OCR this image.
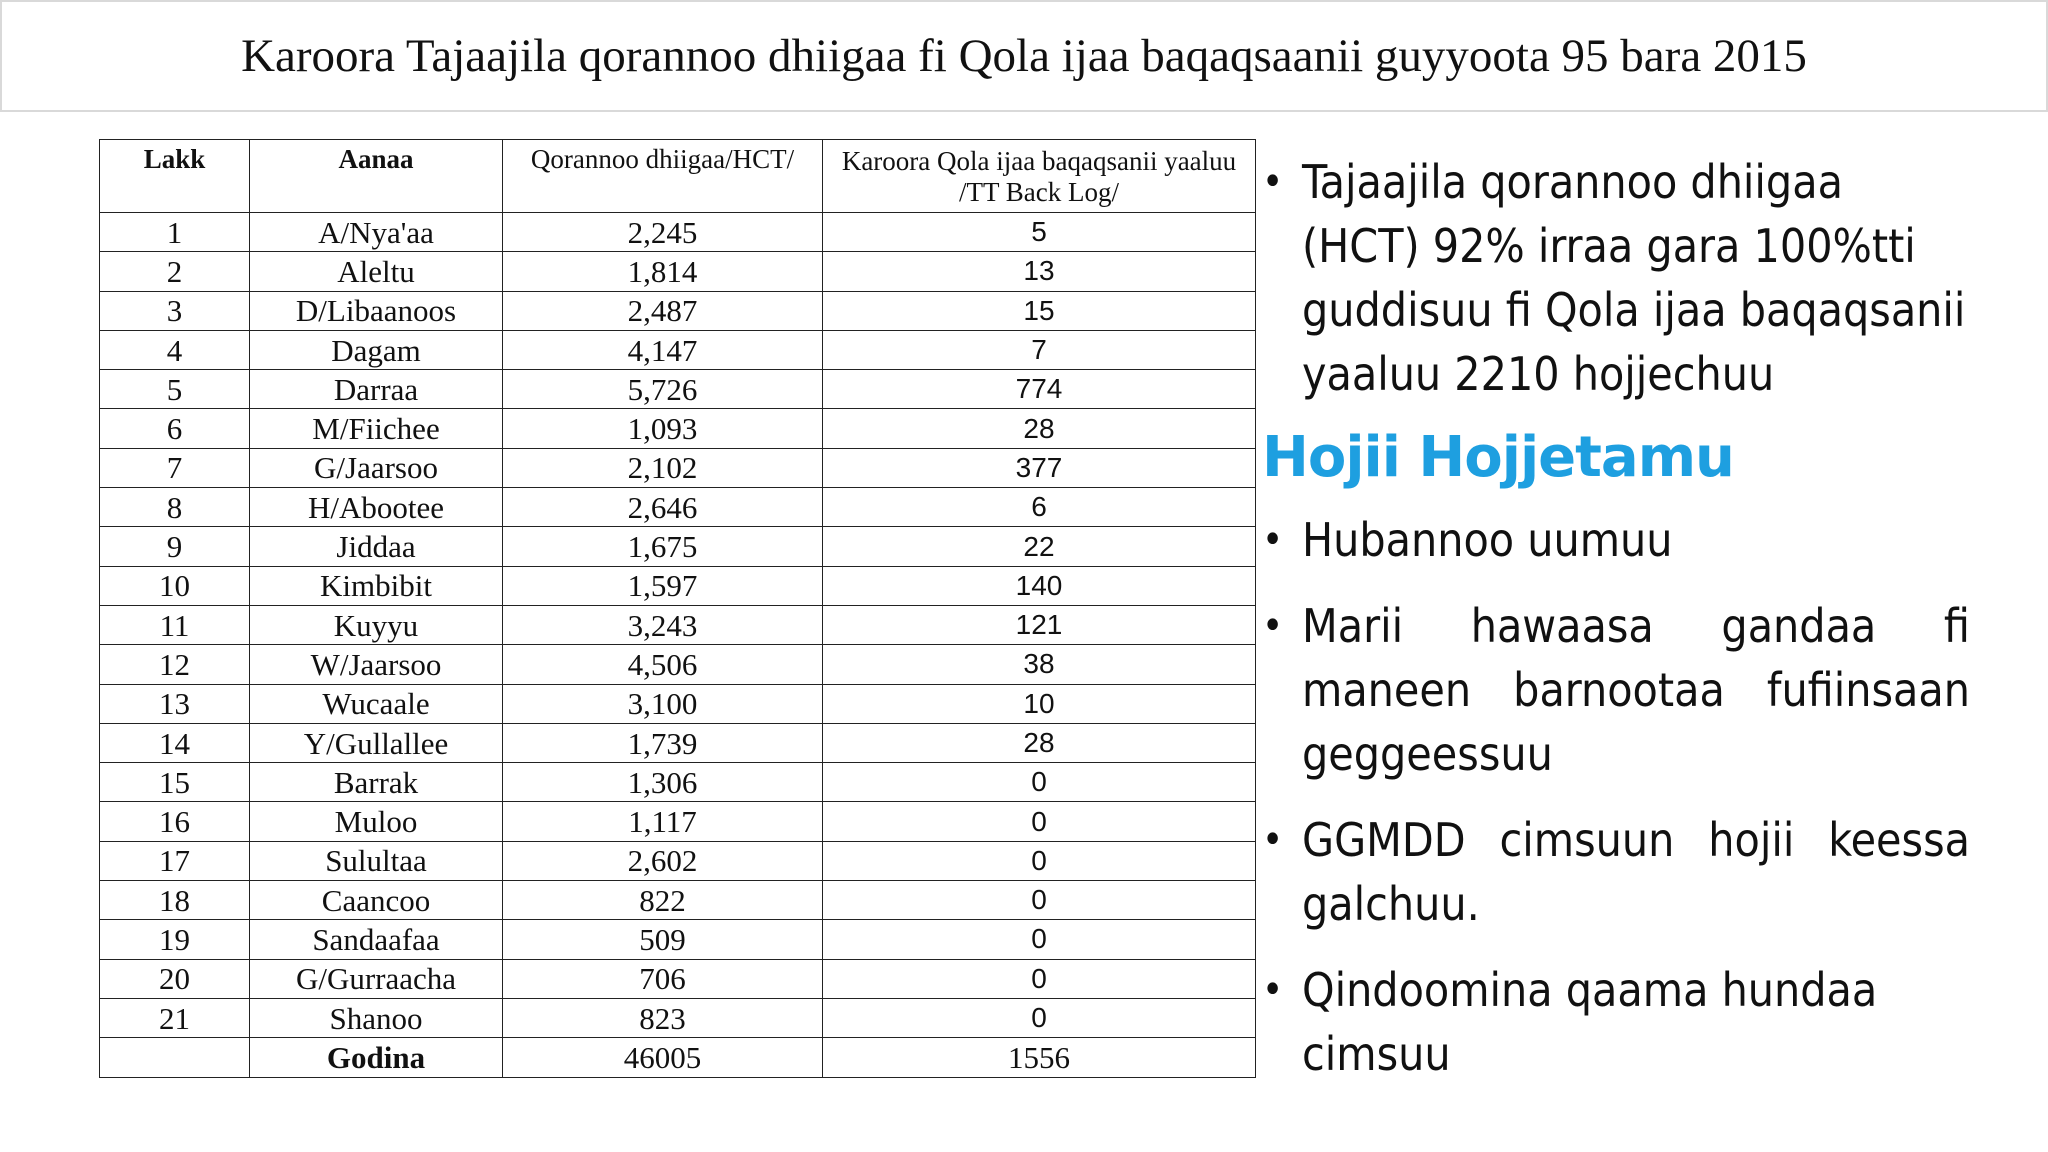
Karoora Tajaajila qorannoo dhiigaa fi Qola ijaa baqaqsaanii guyyoota 95 bara 2015
Lakk	Aanaa	Qorannoo dhiigaa/HCT/	Karoora Qola ijaa baqaqsanii yaaluu /TT Back Log/
1	A/Nya'aa	2,245	5
2	Aleltu	1,814	13
3	D/Libaanoos	2,487	15
4	Dagam	4,147	7
5	Darraa	5,726	774
6	M/Fiichee	1,093	28
7	G/Jaarsoo	2,102	377
8	H/Abootee	2,646	6
9	Jiddaa	1,675	22
10	Kimbibit	1,597	140
11	Kuyyu	3,243	121
12	W/Jaarsoo	4,506	38
13	Wucaale	3,100	10
14	Y/Gullallee	1,739	28
15	Barrak	1,306	0
16	Muloo	1,117	0
17	Sulultaa	2,602	0
18	Caancoo	822	0
19	Sandaafaa	509	0
20	G/Gurraacha	706	0
21	Shanoo	823	0
	Godina	46005	1556
• Tajaajila qorannoo dhiigaa (HCT) 92% irraa gara 100%tti guddisuu fi Qola ijaa baqaqsanii yaaluu 2210 hojjechuu
Hojii Hojjetamu
• Hubannoo uumuu
• Marii hawaasa gandaa fi maneen barnootaa fufiinsaan geggeessuu
• GGMDD cimsuun hojii keessa galchuu.
• Qindoomina qaama hundaa cimsuu
